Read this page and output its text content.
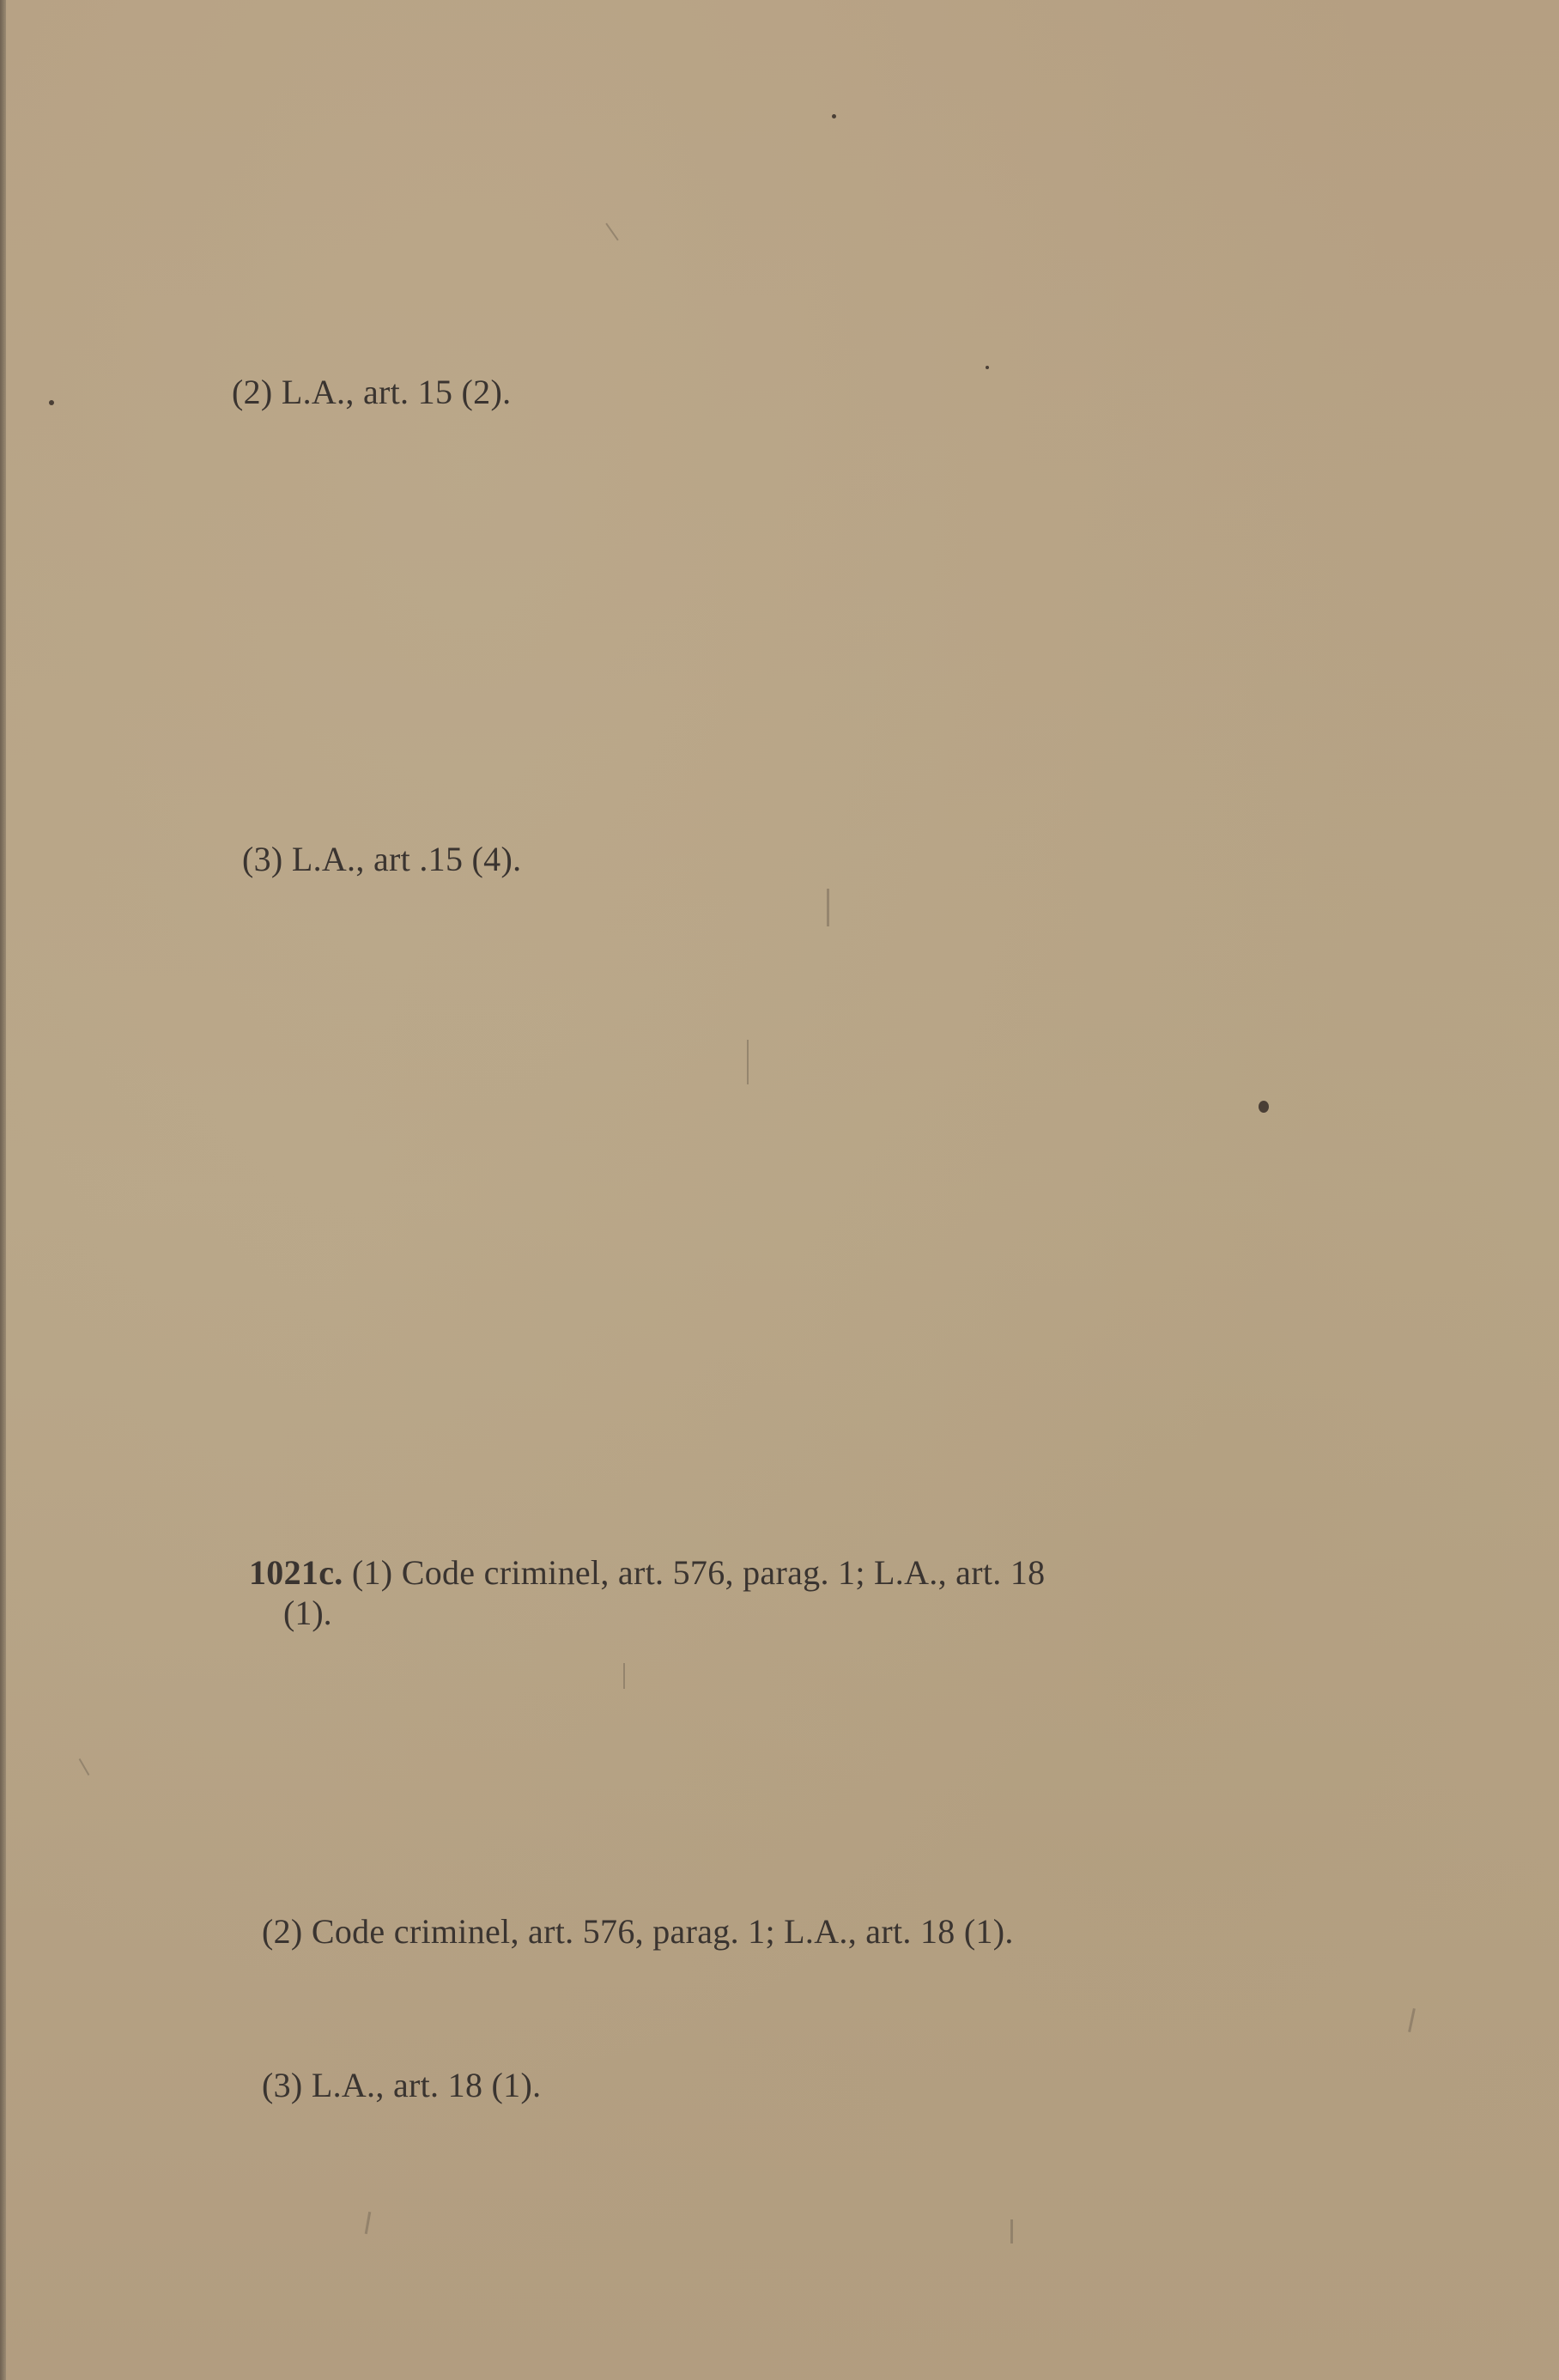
(2) L.A., art. 15 (2).
(3) L.A., art .15 (4).
1021c. (1) Code criminel, art. 576, parag. 1; L.A., art. 18
(1).
(2) Code criminel, art. 576, parag. 1; L.A., art. 18 (1).
(3) L.A., art. 18 (1).
